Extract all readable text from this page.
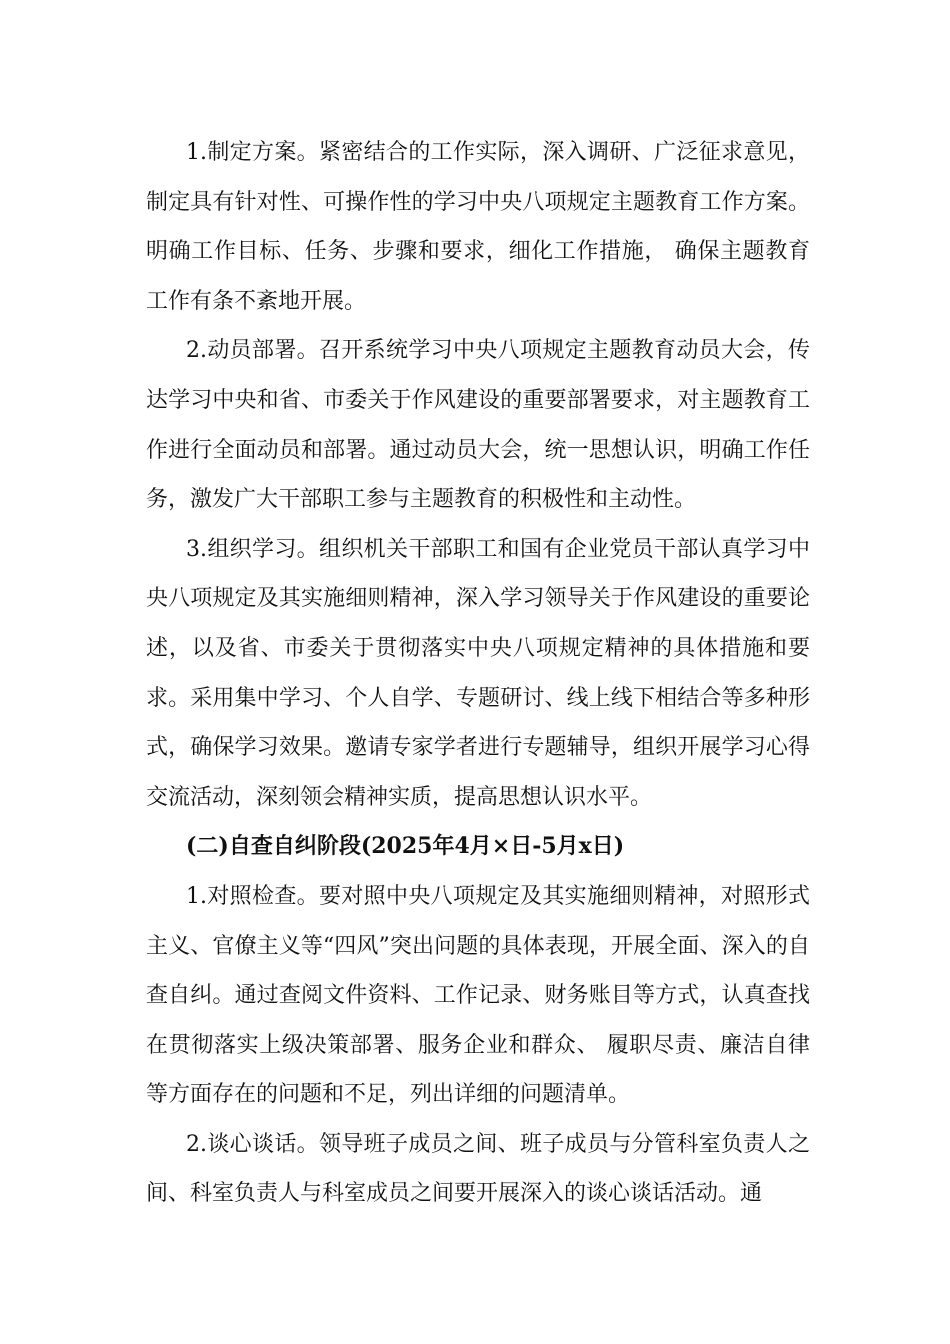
1.制定方案。紧密结合的工作实际，深入调研、广泛征求意见，制定具有针对性、可操作性的学习中央八项规定主题教育工作方案。明确工作目标、任务、步骤和要求，细化工作措施， 确保主题教育工作有条不紊地开展。

2.动员部署。召开系统学习中央八项规定主题教育动员大会，传达学习中央和省、市委关于作风建设的重要部署要求，对主题教育工作进行全面动员和部署。通过动员大会，统一思想认识，明确工作任务，激发广大干部职工参与主题教育的积极性和主动性。

3.组织学习。组织机关干部职工和国有企业党员干部认真学习中央八项规定及其实施细则精神，深入学习领导关于作风建设的重要论述，以及省、市委关于贯彻落实中央八项规定精神的具体措施和要求。采用集中学习、个人自学、专题研讨、线上线下相结合等多种形式，确保学习效果。邀请专家学者进行专题辅导，组织开展学习心得交流活动，深刻领会精神实质，提高思想认识水平。

(二)自查自纠阶段(2025年4月×日-5月x日)

1.对照检查。要对照中央八项规定及其实施细则精神，对照形式主义、官僚主义等“四风”突出问题的具体表现，开展全面、深入的自查自纠。通过查阅文件资料、工作记录、财务账目等方式，认真查找在贯彻落实上级决策部署、服务企业和群众、 履职尽责、廉洁自律等方面存在的问题和不足，列出详细的问题清单。

2.谈心谈话。领导班子成员之间、班子成员与分管科室负责人之间、科室负责人与科室成员之间要开展深入的谈心谈话活动。通
